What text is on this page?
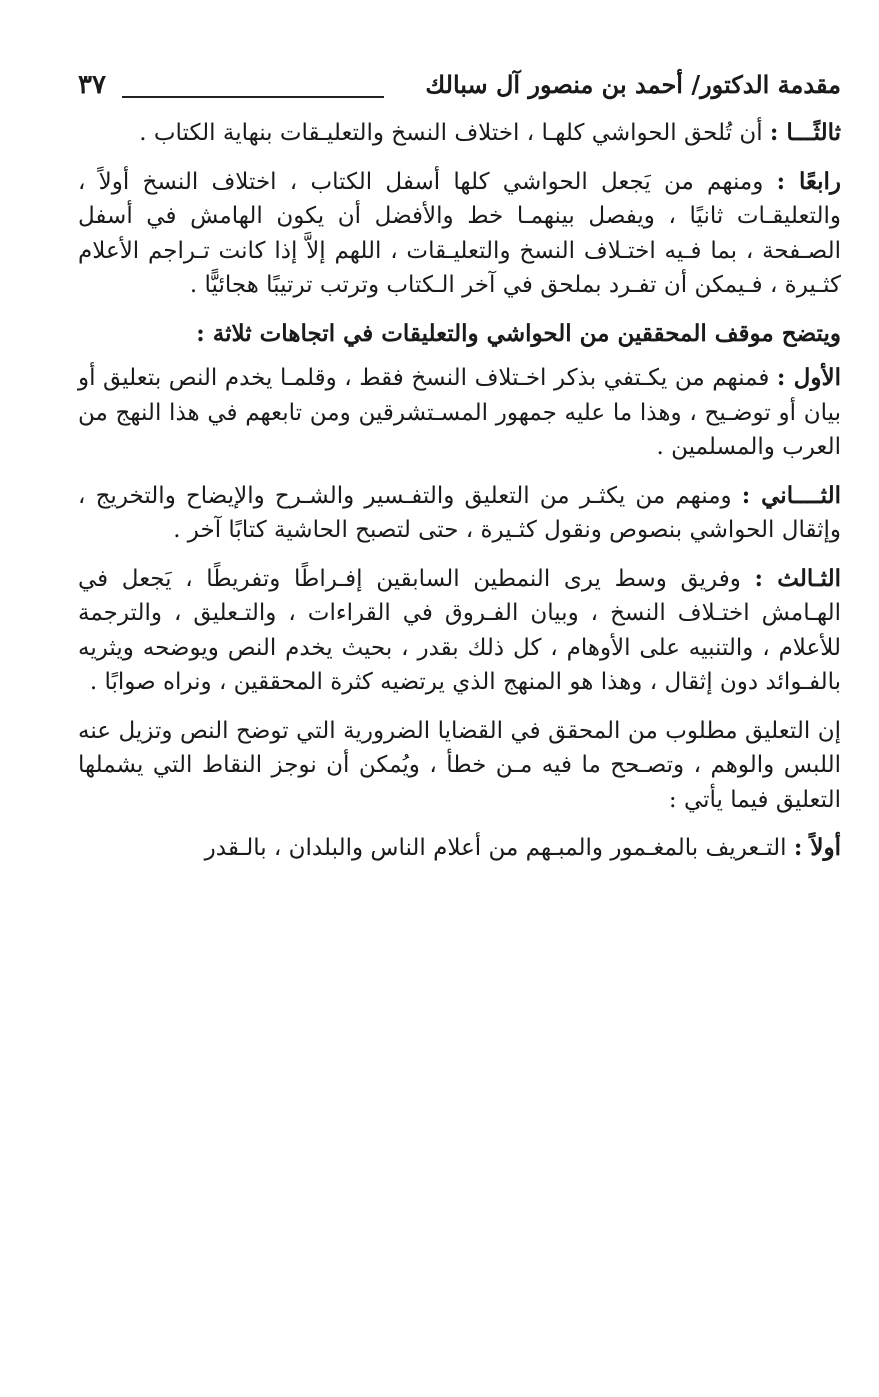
مقدمة الدكتور/ أحمد بن منصور آل سبالك
٣٧

ثالثًـــا : أن تُلحق الحواشي كلهـا ، اختلاف النسخ والتعليـقات بنهاية الكتاب .

رابعًا : ومنهم من يَجعل الحواشي كلها أسفل الكتاب ، اختلاف النسخ أولاً ، والتعليقـات ثانيًا ، ويفصل بينهمـا خط والأفضل أن يكون الهامش في أسفل الصـفحة ، بما فـيه اختـلاف النسخ والتعليـقات ، اللهم إلاَّ إذا كانت تـراجم الأعلام كثـيرة ، فـيمكن أن تفـرد بملحق في آخر الـكتاب وترتب ترتيبًا هجائيًّا .

ويتضح موقف المحققين من الحواشي والتعليقات في اتجاهات ثلاثة :

الأول : فمنهم من يكـتفي بذكر اخـتلاف النسخ فقط ، وقلمـا يخدم النص بتعليق أو بيان أو توضـيح ، وهذا ما عليه جمهور المسـتشرقين ومن تابعهم في هذا النهج من العرب والمسلمين .

الثــــاني : ومنهم من يكثـر من التعليق والتفـسير والشـرح والإيضاح والتخريج ، وإثقال الحواشي بنصوص ونقول كثـيرة ، حتى لتصبح الحاشية كتابًا آخر .

الثـالث : وفريق وسط يرى النمطين السابقين إفـراطًا وتفريطًا ، يَجعل في الهـامش اختـلاف النسخ ، وبيان الفـروق في القراءات ، والتـعليق ، والترجمة للأعلام ، والتنبيه على الأوهام ، كل ذلك بقدر ، بحيث يخدم النص ويوضحه ويثريه بالفـوائد دون إثقال ، وهذا هو المنهج الذي يرتضيه كثرة المحققين ، ونراه صوابًا .

إن التعليق مطلوب من المحقق في القضايا الضرورية التي توضح النص وتزيل عنه اللبس والوهم ، وتصـحح ما فيه مـن خطأ ، ويُمكن أن نوجز النقاط التي يشملها التعليق فيما يأتي :

أولاً : التـعريف بالمغـمور والمبـهم من أعلام الناس والبلدان ، بالـقدر
